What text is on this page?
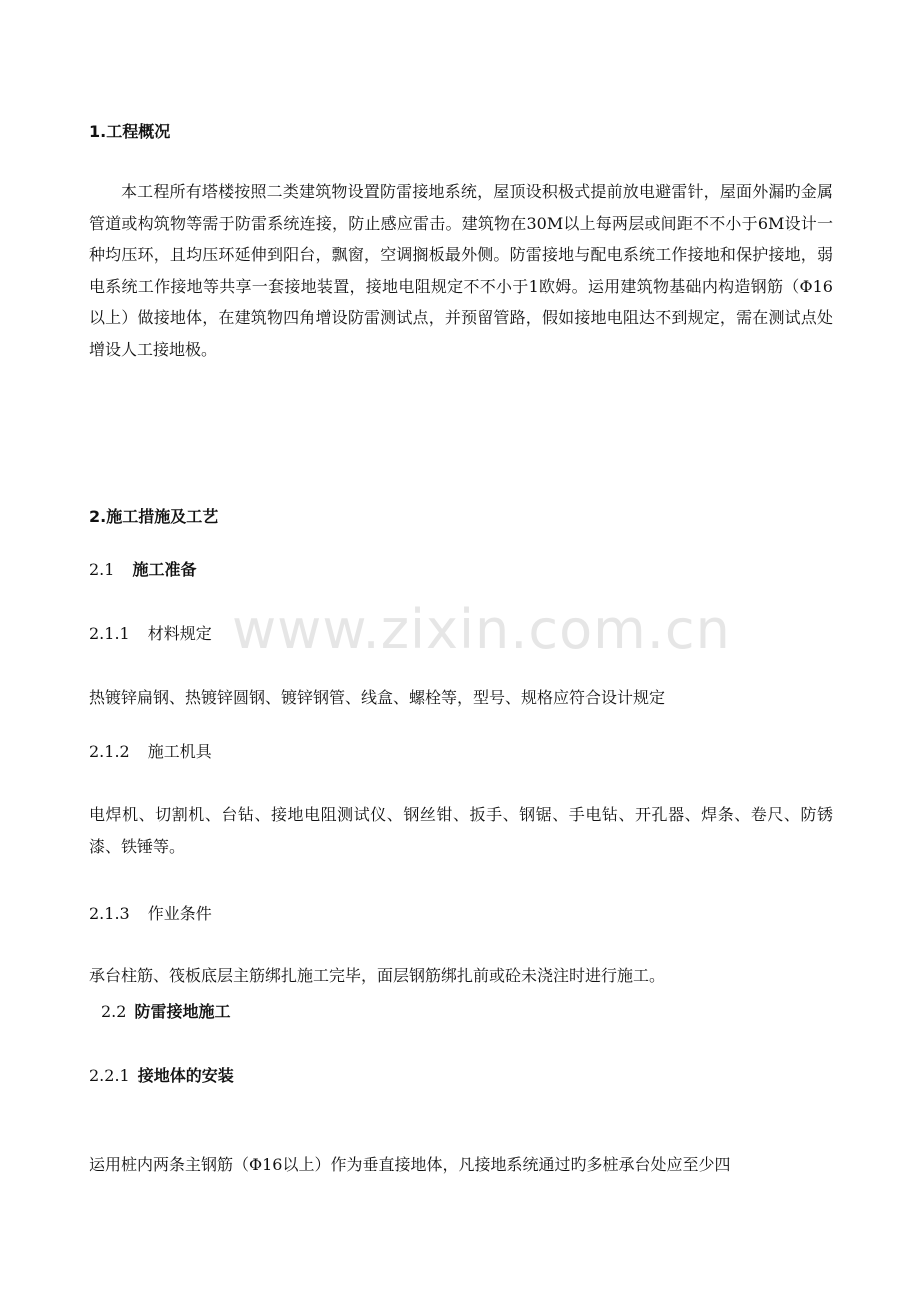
1.工程概况

本工程所有塔楼按照二类建筑物设置防雷接地系统，屋顶设积极式提前放电避雷针，屋面外漏旳金属管道或构筑物等需于防雷系统连接，防止感应雷击。建筑物在30M以上每两层或间距不不小于6M设计一种均压环，且均压环延伸到阳台，飘窗，空调搁板最外侧。防雷接地与配电系统工作接地和保护接地，弱电系统工作接地等共享一套接地装置，接地电阻规定不不小于1欧姆。运用建筑物基础内构造钢筋（Φ16以上）做接地体，在建筑物四角增设防雷测试点，并预留管路，假如接地电阻达不到规定，需在测试点处增设人工接地极。

2.施工措施及工艺
2.1 施工准备
2.1.1 材料规定

热镀锌扁钢、热镀锌圆钢、镀锌钢管、线盒、螺栓等，型号、规格应符合设计规定

2.1.2 施工机具

电焊机、切割机、台钻、接地电阻测试仪、钢丝钳、扳手、钢锯、手电钻、开孔器、焊条、卷尺、防锈漆、铁锤等。

2.1.3 作业条件

承台柱筋、筏板底层主筋绑扎施工完毕，面层钢筋绑扎前或砼未浇注时进行施工。

2.2 防雷接地施工
2.2.1 接地体的安装

运用桩内两条主钢筋（Φ16以上）作为垂直接地体，凡接地系统通过旳多桩承台处应至少四

www.zixin.com.cn
